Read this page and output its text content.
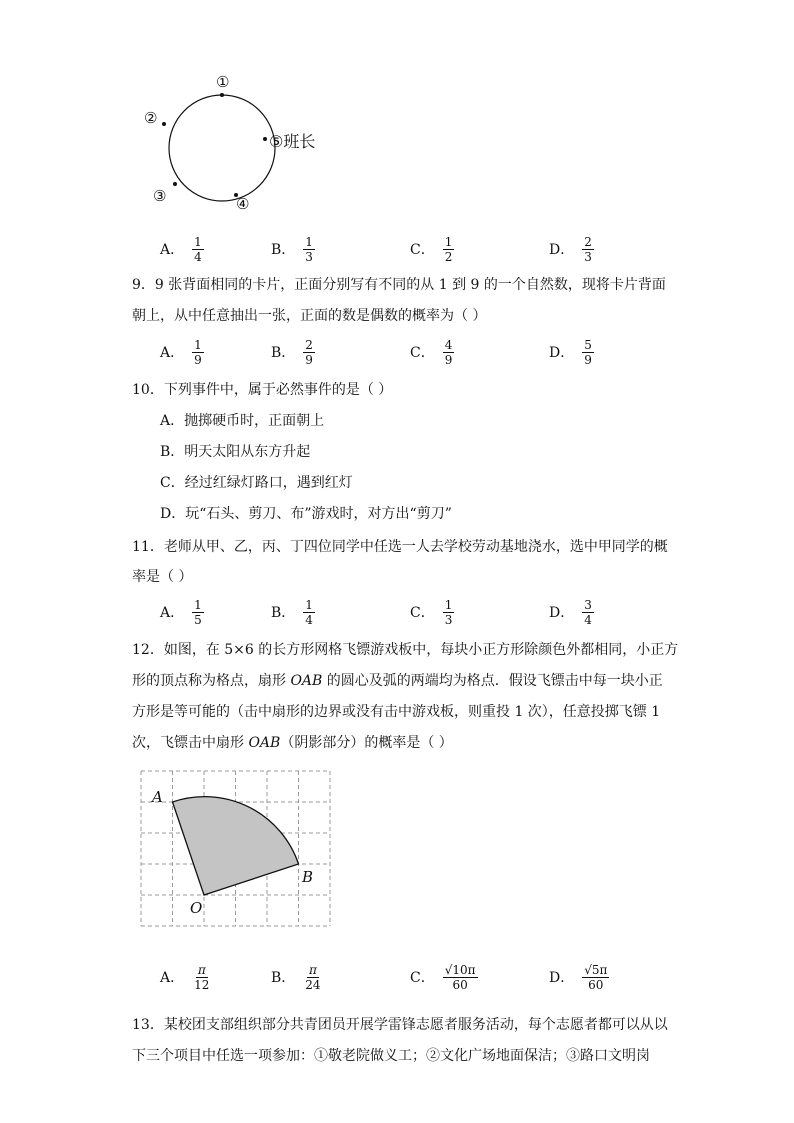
①
②
③	④
⑤班长
A． $\frac{1}{4}$	B． $\frac{1}{3}$	C． $\frac{1}{2}$	D． $\frac{2}{3}$
9．9 张背面相同的卡片，正面分别写有不同的从 1 到 9 的一个自然数，现将卡片背面
朝上，从中任意抽出一张，正面的数是偶数的概率为（ ）
A． $\frac{1}{9}$	B． $\frac{2}{9}$	C． $\frac{4}{9}$	D． $\frac{5}{9}$
10．下列事件中，属于必然事件的是（ ）
A．抛掷硬币时，正面朝上
B．明天太阳从东方升起
C．经过红绿灯路口，遇到红灯
D．玩“石头、剪刀、布”游戏时，对方出“剪刀”
11．老师从甲、乙，丙、丁四位同学中任选一人去学校劳动基地浇水，选中甲同学的概
率是（ ）
A． $\frac{1}{5}$	B． $\frac{1}{4}$	C． $\frac{1}{3}$	D． $\frac{3}{4}$
12．如图，在 5×6 的长方形网格飞镖游戏板中，每块小正方形除颜色外都相同，小正方
形的顶点称为格点，扇形 OAB 的圆心及弧的两端均为格点．假设飞镖击中每一块小正
方形是等可能的（击中扇形的边界或没有击中游戏板，则重投 1 次），任意投掷飞镖 1
次，飞镖击中扇形 OAB（阴影部分）的概率是（ ）
A
B
O
A． $\frac{\pi}{12}$	B． $\frac{\pi}{24}$	C． $\frac{√10\pi}{60}$	D． $\frac{√5\pi}{60}$
13．某校团支部组织部分共青团员开展学雷锋志愿者服务活动，每个志愿者都可以从以
下三个项目中任选一项参加：①敬老院做义工；②文化广场地面保洁；③路口文明岗
